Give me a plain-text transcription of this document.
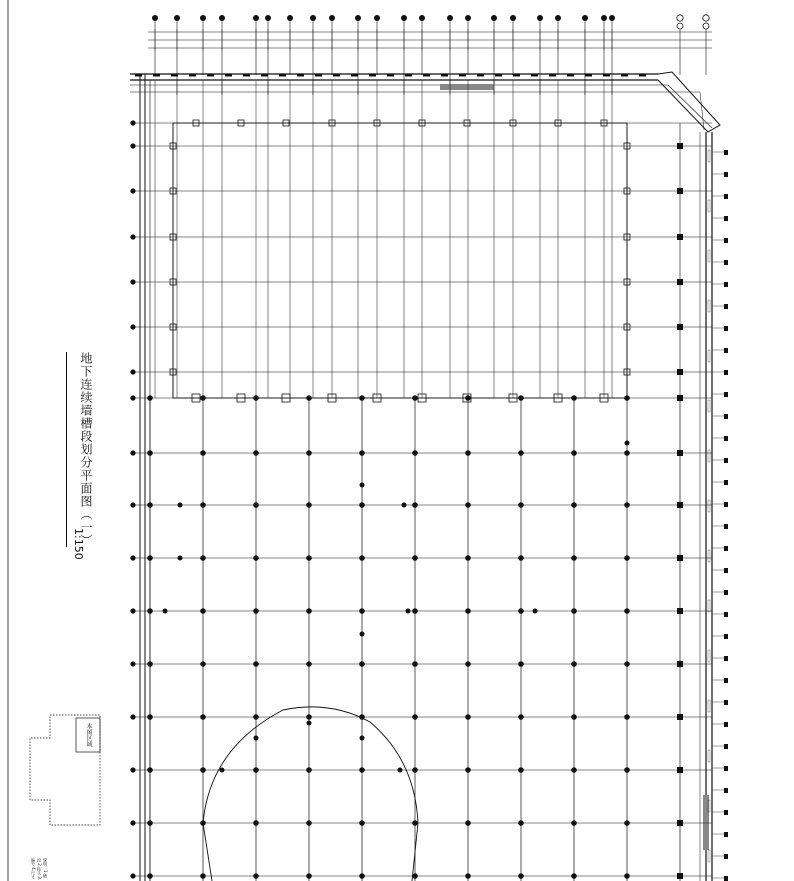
地下连续墙槽段划分平面图（一）
1:150
本图区域
说明：1.槽段 2.接头 3.编号 4.尺寸
